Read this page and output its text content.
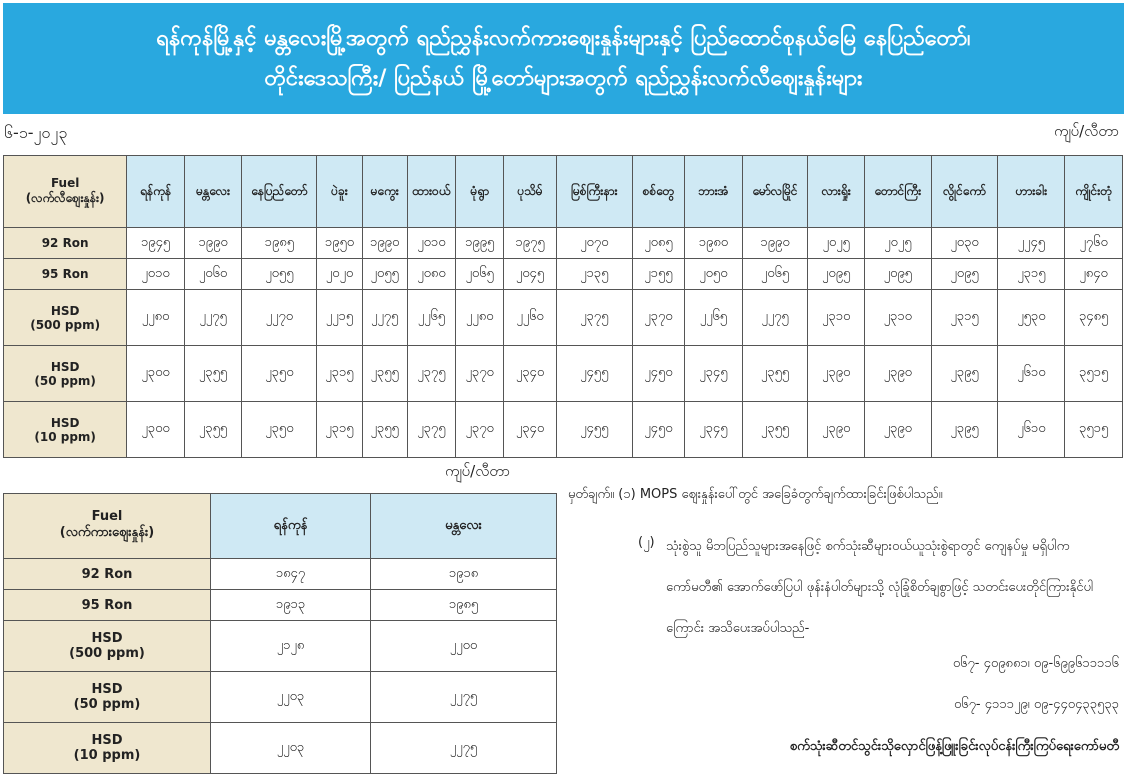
ရန်ကုန်မြို့နှင့် မန္တလေးမြို့အတွက် ရည်ညွှန်းလက်ကားဈေးနှုန်းများနှင့် ပြည်ထောင်စုနယ်မြေ နေပြည်တော်၊
တိုင်းဒေသကြီး/ ပြည်နယ် မြို့တော်များအတွက် ရည်ညွှန်းလက်လီဈေးနှုန်းများ
၆-၁-၂၀၂၃	ကျပ်/လီတာ
Fuel
(လက်လီဈေးနှုန်း)	ရန်ကုန်	မန္တလေး	နေပြည်တော်	ပဲခူး	မကွေး	ထားဝယ်	မုံရွာ	ပုသိမ်	မြစ်ကြီးနား	စစ်တွေ	ဘားအံ	မော်လမြိုင်	လားရှိုး	တောင်ကြီး	လွိုင်ကော်	ဟားခါး	ကျိုင်းတုံ
92 Ron	၁၉၄၅	၁၉၉၀	၁၉၈၅	၁၉၅၀	၁၉၉၀	၂၀၁၀	၁၉၉၅	၁၉၇၅	၂၀၇၀	၂၀၈၅	၁၉၈၀	၁၉၉၀	၂၀၂၅	၂၀၂၅	၂၀၃၀	၂၂၄၅	၂၇၆၀
95 Ron	၂၀၁၀	၂၀၆၀	၂၀၅၅	၂၀၂၀	၂၀၅၅	၂၀၈၀	၂၀၆၅	၂၀၄၅	၂၁၃၅	၂၁၅၅	၂၀၅၀	၂၀၆၅	၂၀၉၅	၂၀၉၅	၂၀၉၅	၂၃၁၅	၂၈၄၀
HSD
(500 ppm)	၂၂၈၀	၂၂၇၅	၂၂၇၀	၂၂၁၅	၂၂၇၅	၂၂၆၅	၂၂၈၀	၂၂၆၀	၂၃၇၅	၂၃၇၀	၂၂၆၅	၂၂၇၅	၂၃၁၀	၂၃၁၀	၂၃၁၅	၂၅၃၀	၃၄၈၅
HSD
(50 ppm)	၂၃၀၀	၂၃၅၅	၂၃၅၀	၂၃၁၅	၂၃၅၅	၂၃၇၅	၂၃၇၀	၂၃၄၀	၂၄၅၅	၂၄၅၀	၂၃၄၅	၂၃၅၅	၂၃၉၀	၂၃၉၀	၂၃၉၅	၂၆၁၀	၃၅၁၅
HSD
(10 ppm)	၂၃၀၀	၂၃၅၅	၂၃၅၀	၂၃၁၅	၂၃၅၅	၂၃၇၅	၂၃၇၀	၂၃၄၀	၂၄၅၅	၂၄၅၀	၂၃၄၅	၂၃၅၅	၂၃၉၀	၂၃၉၀	၂၃၉၅	၂၆၁၀	၃၅၁၅
ကျပ်/လီတာ
Fuel
(လက်ကားဈေးနှုန်း)	ရန်ကုန်	မန္တလေး
92 Ron	၁၈၄၇	၁၉၁၈
95 Ron	၁၉၁၃	၁၉၈၅
HSD
(500 ppm)	၂၁၂၈	၂၂၀၀
HSD
(50 ppm)	၂၂၀၃	၂၂၇၅
HSD
(10 ppm)	၂၂၀၃	၂၂၇၅
မှတ်ချက်။ (၁) MOPS ဈေးနှုန်းပေါ်တွင် အခြေခံတွက်ချက်ထားခြင်းဖြစ်ပါသည်။
(၂) သုံးစွဲသူ မိဘပြည်သူများအနေဖြင့် စက်သုံးဆီများဝယ်ယူသုံးစွဲရာတွင် ကျေနပ်မှု မရှိပါက ကော်မတီ၏ အောက်ဖော်ပြပါ ဖုန်းနံပါတ်များသို့ လုံခြုံစိတ်ချစွာဖြင့် သတင်းပေးတိုင်ကြားနိုင်ပါကြောင်း အသိပေးအပ်ပါသည်-
၀၆၇- ၄၀၉၈၈၁၊ ၀၉-၆၉၉၆၁၁၁၁၆
၀၆၇- ၄၁၁၁၂၉၊ ၀၉-၄၄၀၄၃၃၅၃၃
စက်သုံးဆီတင်သွင်းသိုလှောင်ဖြန့်ဖြူးခြင်းလုပ်ငန်းကြီးကြပ်ရေးကော်မတီ
